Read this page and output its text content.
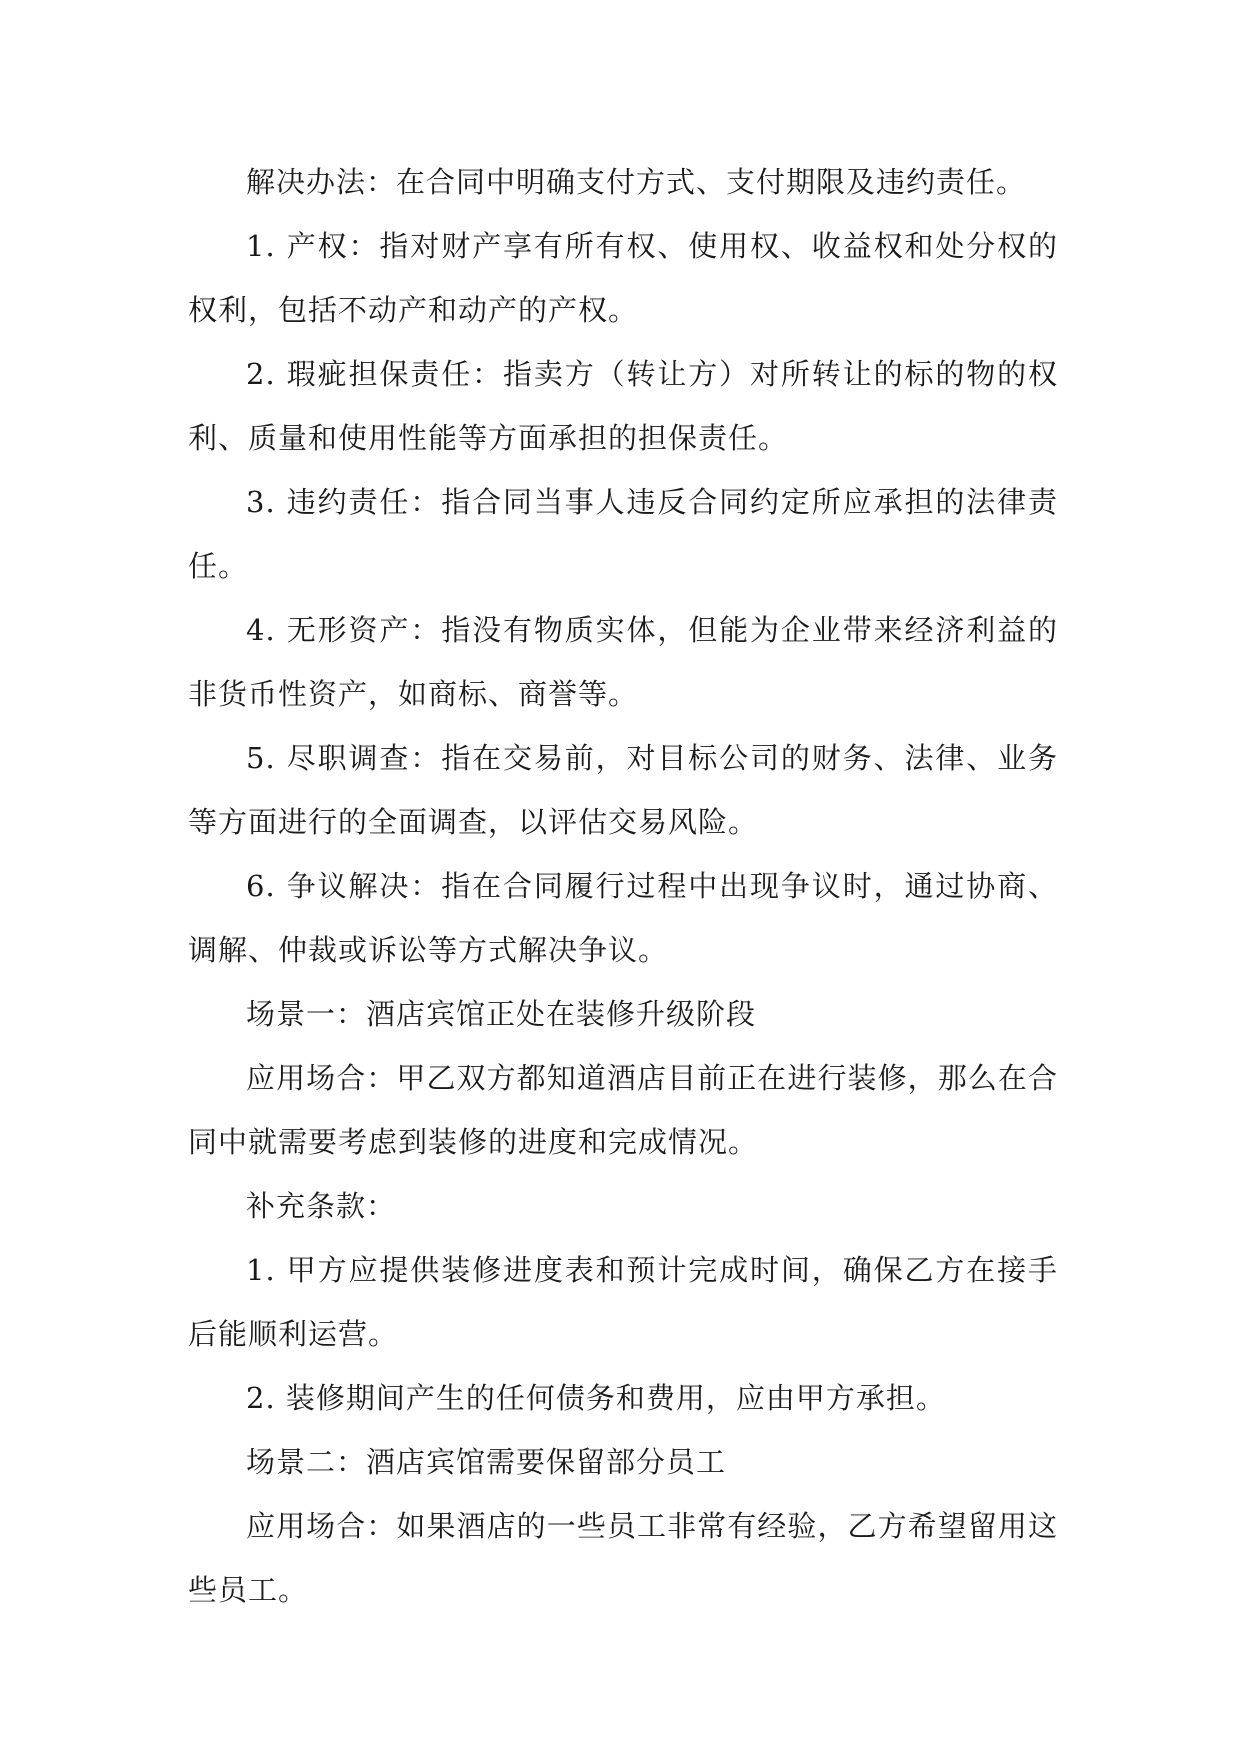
解决办法：在合同中明确支付方式、支付期限及违约责任。

1. 产权：指对财产享有所有权、使用权、收益权和处分权的权利，包括不动产和动产的产权。

2. 瑕疵担保责任：指卖方（转让方）对所转让的标的物的权利、质量和使用性能等方面承担的担保责任。

3. 违约责任：指合同当事人违反合同约定所应承担的法律责任。

4. 无形资产：指没有物质实体，但能为企业带来经济利益的非货币性资产，如商标、商誉等。

5. 尽职调查：指在交易前，对目标公司的财务、法律、业务等方面进行的全面调查，以评估交易风险。

6. 争议解决：指在合同履行过程中出现争议时，通过协商、调解、仲裁或诉讼等方式解决争议。

场景一：酒店宾馆正处在装修升级阶段

应用场合：甲乙双方都知道酒店目前正在进行装修，那么在合同中就需要考虑到装修的进度和完成情况。

补充条款：

1. 甲方应提供装修进度表和预计完成时间，确保乙方在接手后能顺利运营。

2. 装修期间产生的任何债务和费用，应由甲方承担。

场景二：酒店宾馆需要保留部分员工

应用场合：如果酒店的一些员工非常有经验，乙方希望留用这些员工。
